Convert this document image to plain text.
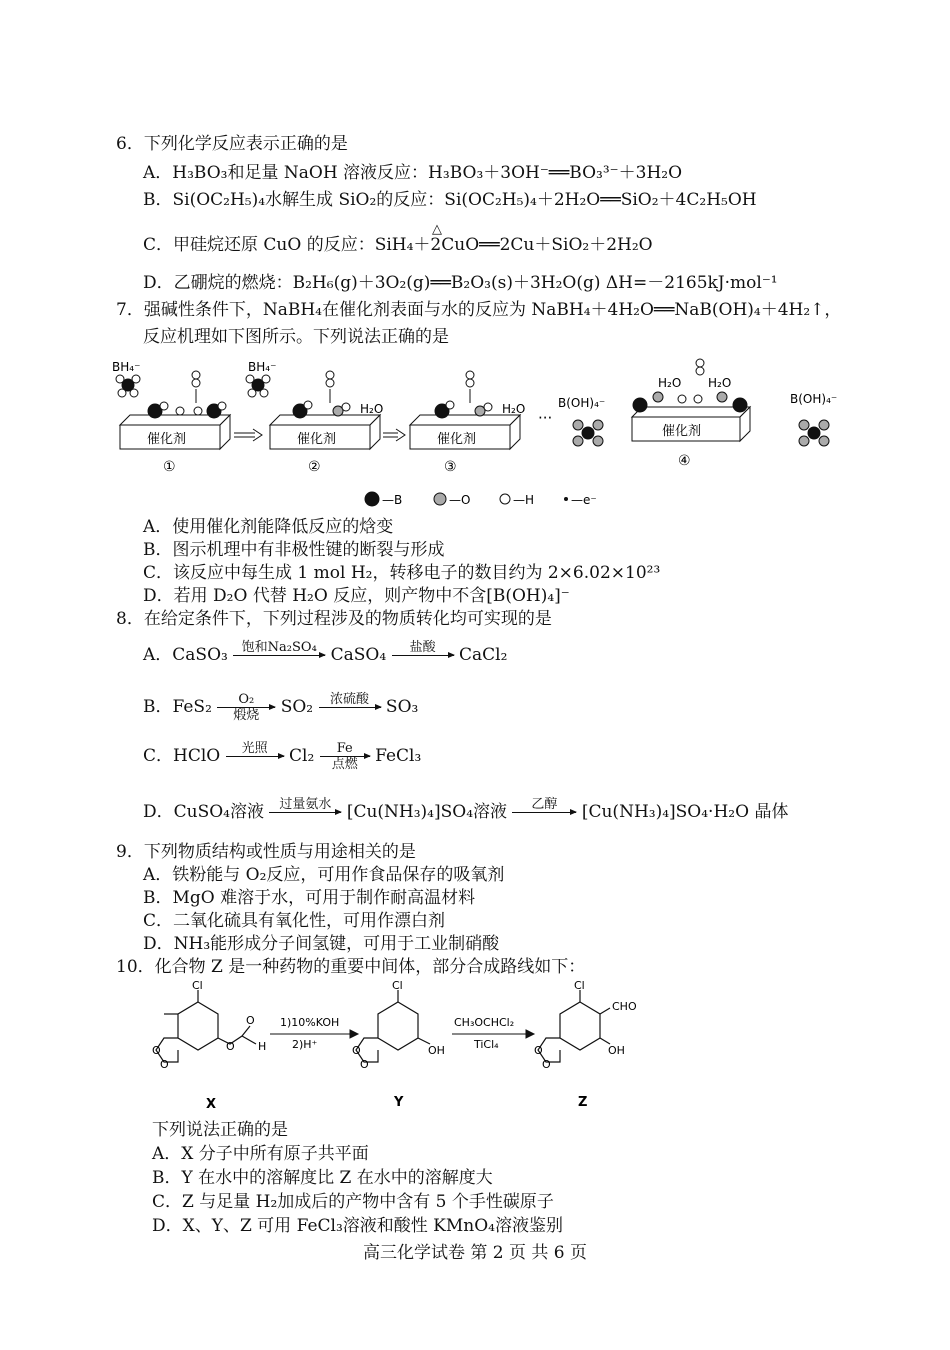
6．下列化学反应表示正确的是
A．H₃BO₃和足量 NaOH 溶液反应：H₃BO₃＋3OH⁻══BO₃³⁻＋3H₂O
B．Si(OC₂H₅)₄水解生成 SiO₂的反应：Si(OC₂H₅)₄＋2H₂O══SiO₂＋4C₂H₅OH
C．甲硅烷还原 CuO 的反应：SiH₄＋2CuO══2Cu＋SiO₂＋2H₂O
△
D．乙硼烷的燃烧：B₂H₆(g)＋3O₂(g)══B₂O₃(s)＋3H₂O(g) ΔH=－2165kJ·mol⁻¹
7．强碱性条件下，NaBH₄在催化剂表面与水的反应为 NaBH₄＋4H₂O══NaB(OH)₄＋4H₂↑，
反应机理如下图所示。下列说法正确的是
催化剂	催化剂	催化剂
催化剂
···
BH₄⁻	BH₄⁻
H₂O	H₂O
H₂O H₂O
B(OH)₄⁻	B(OH)₄⁻
①	②	③	④
—B	—O	—H	—e⁻
A．使用催化剂能降低反应的焓变
B．图示机理中有非极性键的断裂与形成
C．该反应中每生成 1 mol H₂，转移电子的数目约为 2×6.02×10²³
D．若用 D₂O 代替 H₂O 反应，则产物中不含[B(OH)₄]⁻
8．在给定条件下，下列过程涉及的物质转化均可实现的是
A．CaSO₃	饱和Na₂SO₄
CaSO₄	盐酸
	CaCl₂
B．FeS₂	O₂
煅烧	SO₂	浓硫酸
SO₃
C．HClO	光照
	Cl₂	Fe
点燃	FeCl₃
D．CuSO₄溶液	过量氨水
[Cu(NH₃)₄]SO₄溶液	乙醇
	[Cu(NH₃)₄]SO₄·H₂O 晶体
9．下列物质结构或性质与用途相关的是
A．铁粉能与 O₂反应，可用作食品保存的吸氧剂
B．MgO 难溶于水，可用于制作耐高温材料
C．二氧化硫具有氧化性，可用作漂白剂
D．NH₃能形成分子间氢键，可用于工业制硝酸
10．化合物 Z 是一种药物的重要中间体，部分合成路线如下：
Cl
O
O
O
O
H
X
1)10%KOH
2)H⁺
Cl
O
O
OH
Y
CH₃OCHCl₂
TiCl₄
Cl
CHO
O
O
OH
Z
下列说法正确的是
A．X 分子中所有原子共平面
B．Y 在水中的溶解度比 Z 在水中的溶解度大
C．Z 与足量 H₂加成后的产物中含有 5 个手性碳原子
D．X、Y、Z 可用 FeCl₃溶液和酸性 KMnO₄溶液鉴别
高三化学试卷 第 2 页 共 6 页
